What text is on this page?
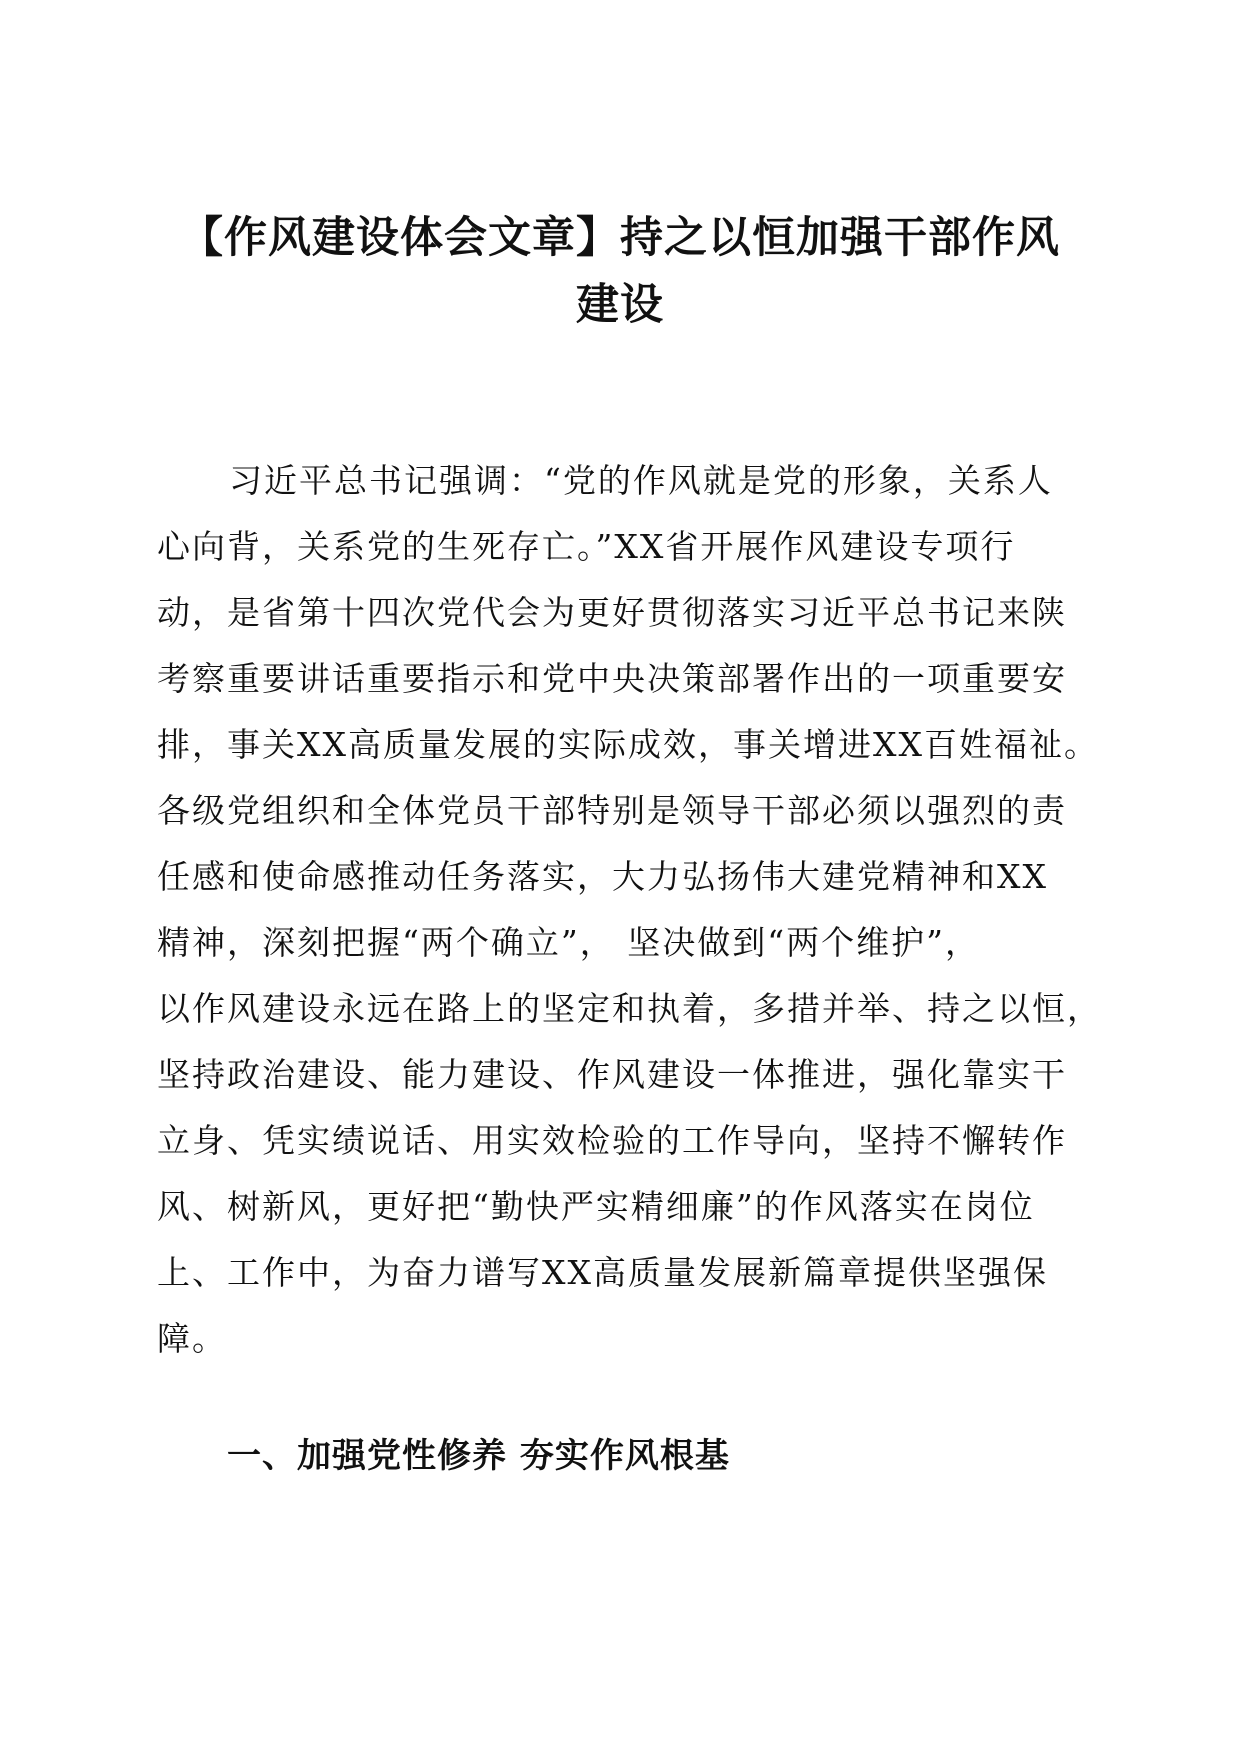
【作风建设体会文章】持之以恒加强干部作风
建设
习近平总书记强调：“党的作风就是党的形象，关系人
心向背，关系党的生死存亡。”XX省开展作风建设专项行
动，是省第十四次党代会为更好贯彻落实习近平总书记来陕
考察重要讲话重要指示和党中央决策部署作出的一项重要安
排，事关XX高质量发展的实际成效，事关增进XX百姓福祉。
各级党组织和全体党员干部特别是领导干部必须以强烈的责
任感和使命感推动任务落实，大力弘扬伟大建党精神和XX
精神，深刻把握“两个确立”， 坚决做到“两个维护”，
以作风建设永远在路上的坚定和执着，多措并举、持之以恒，
坚持政治建设、能力建设、作风建设一体推进，强化靠实干
立身、凭实绩说话、用实效检验的工作导向，坚持不懈转作
风、树新风，更好把“勤快严实精细廉”的作风落实在岗位
上、工作中，为奋力谱写XX高质量发展新篇章提供坚强保
障。
一、加强党性修养 夯实作风根基
